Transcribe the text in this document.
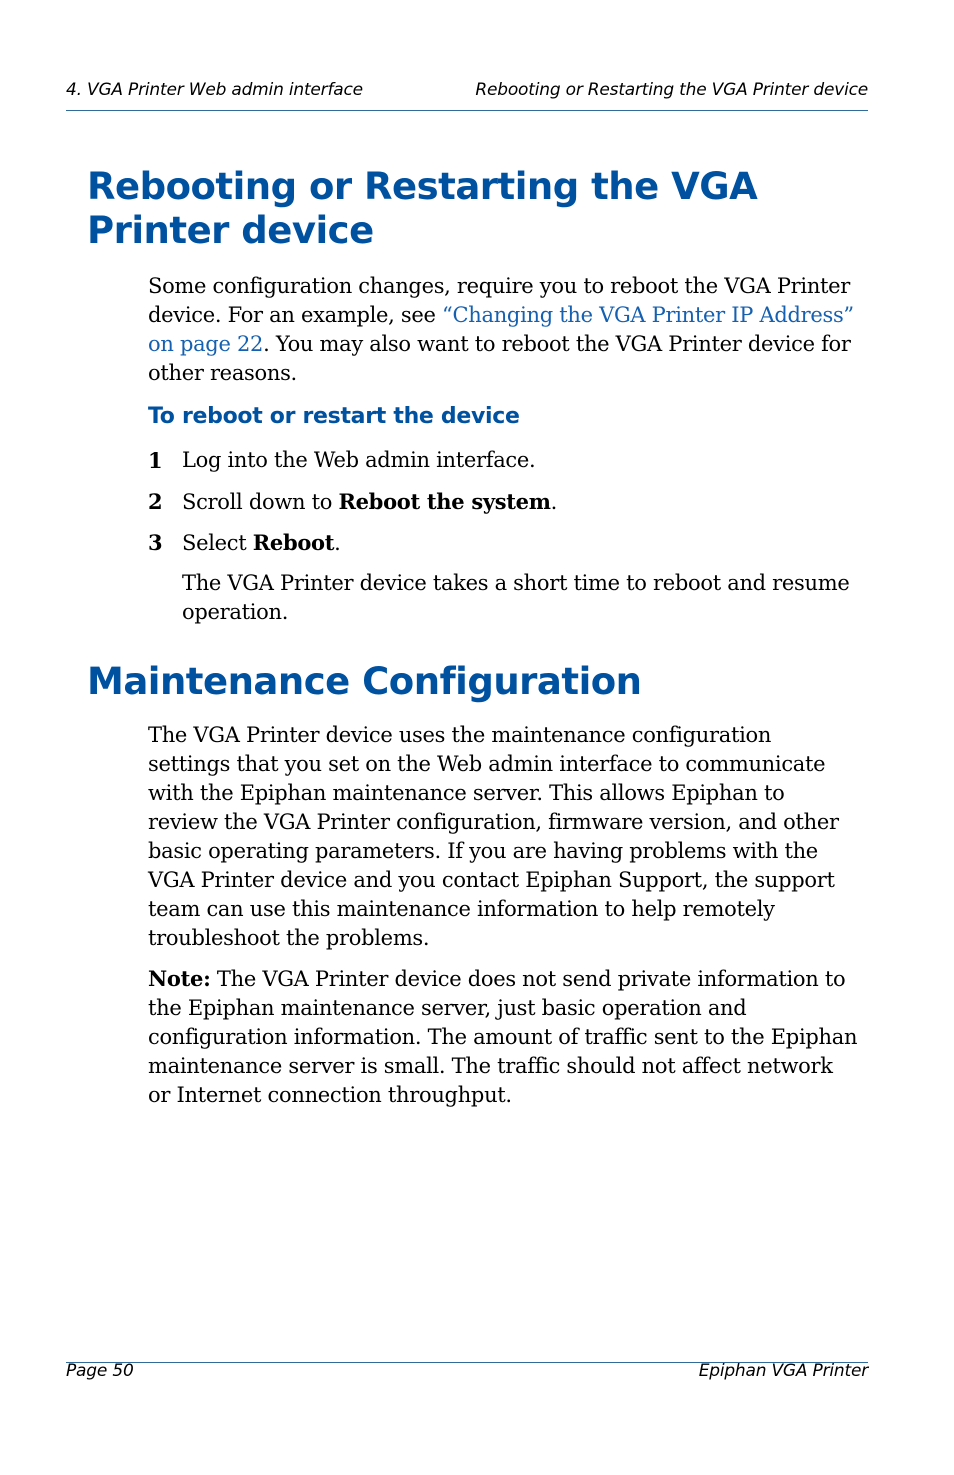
4. VGA Printer Web admin interface	Rebooting or Restarting the VGA Printer device
Rebooting or Restarting the VGA
Printer device

Some configuration changes, require you to reboot the VGA Printer device. For an example, see “Changing the VGA Printer IP Address” on page 22. You may also want to reboot the VGA Printer device for other reasons.

To reboot or restart the device
1 Log into the Web admin interface.
2 Scroll down to Reboot the system.
3 Select Reboot.

The VGA Printer device takes a short time to reboot and resume operation.

Maintenance Configuration

The VGA Printer device uses the maintenance configuration settings that you set on the Web admin interface to communicate with the Epiphan maintenance server. This allows Epiphan to review the VGA Printer configuration, firmware version, and other basic operating parameters. If you are having problems with the VGA Printer device and you contact Epiphan Support, the support team can use this maintenance information to help remotely troubleshoot the problems.

Note: The VGA Printer device does not send private information to the Epiphan maintenance server, just basic operation and configuration information. The amount of traffic sent to the Epiphan maintenance server is small. The traffic should not affect network or Internet connection throughput.

Page 50	Epiphan VGA Printer
